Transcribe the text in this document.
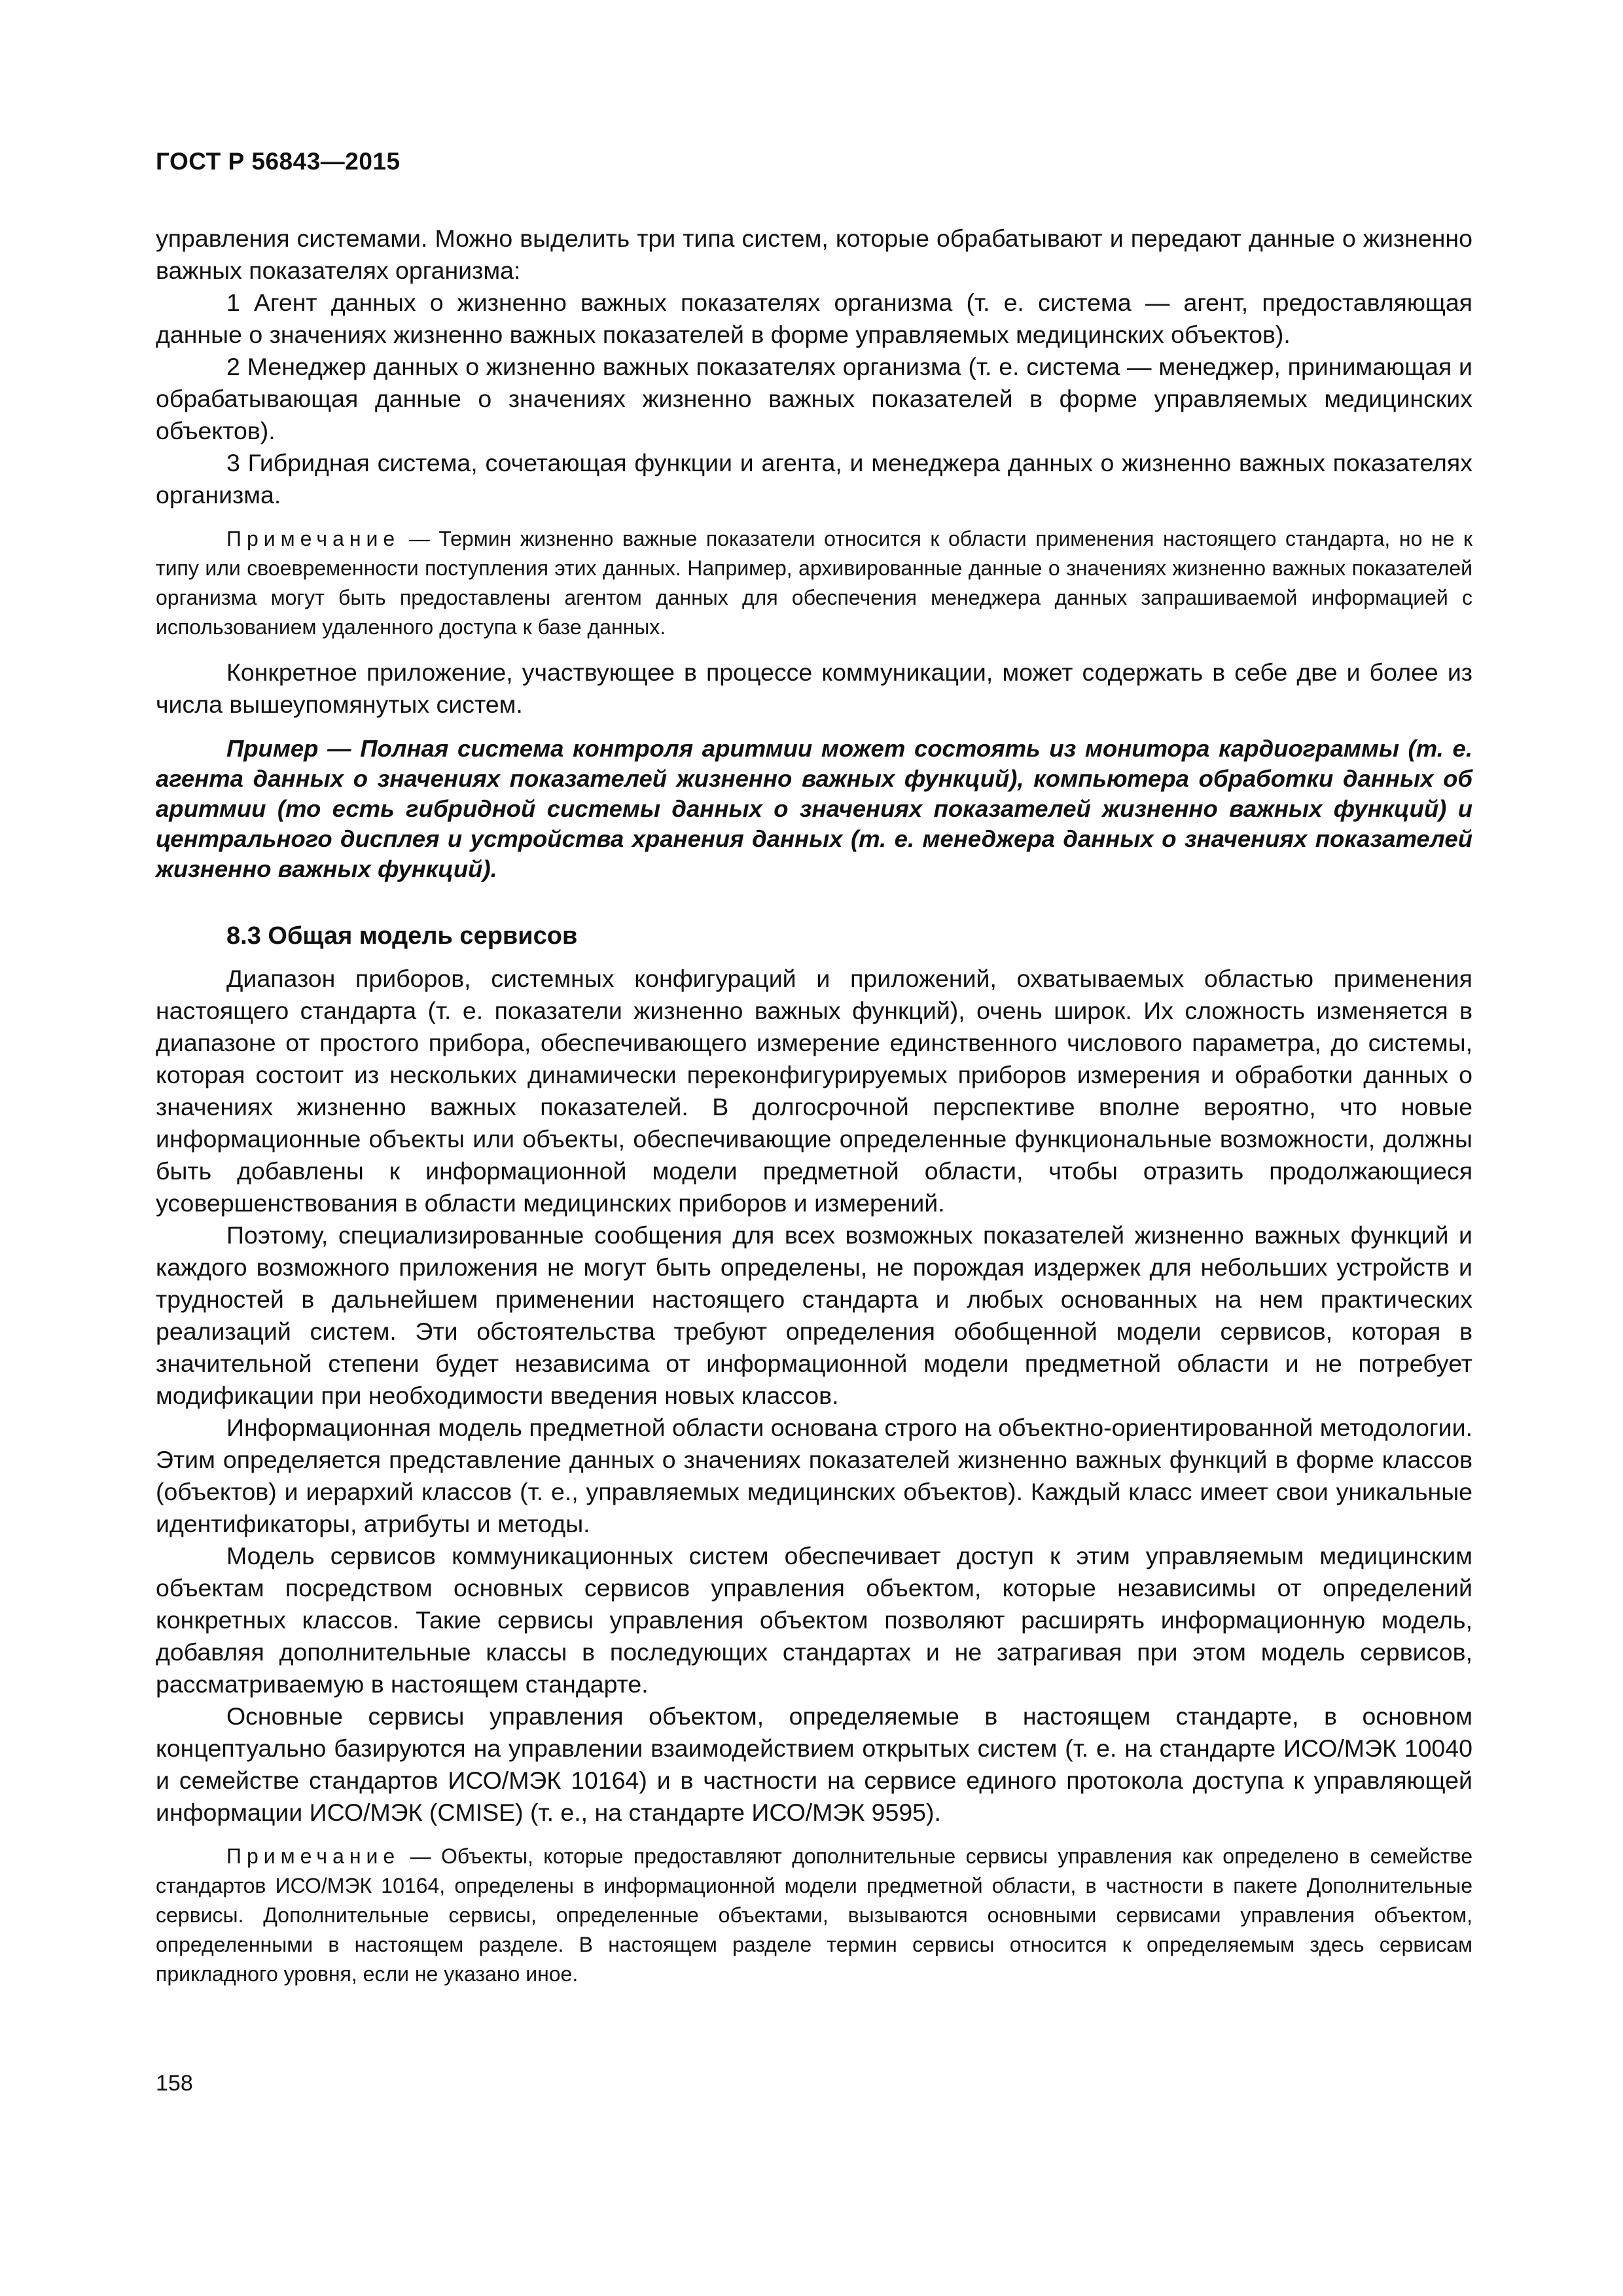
ГОСТ Р 56843—2015

управления системами. Можно выделить три типа систем, которые обрабатывают и передают данные о жизненно важных показателях организма:

1 Агент данных о жизненно важных показателях организма (т. е. система — агент, предоставляющая данные о значениях жизненно важных показателей в форме управляемых медицинских объектов).

2 Менеджер данных о жизненно важных показателях организма (т. е. система — менеджер, принимающая и обрабатывающая данные о значениях жизненно важных показателей в форме управляемых медицинских объектов).

3 Гибридная система, сочетающая функции и агента, и менеджера данных о жизненно важных показателях организма.

Примечание — Термин жизненно важные показатели относится к области применения настоящего стандарта, но не к типу или своевременности поступления этих данных. Например, архивированные данные о значениях жизненно важных показателей организма могут быть предоставлены агентом данных для обеспечения менеджера данных запрашиваемой информацией с использованием удаленного доступа к базе данных.

Конкретное приложение, участвующее в процессе коммуникации, может содержать в себе две и более из числа вышеупомянутых систем.

Пример — Полная система контроля аритмии может состоять из монитора кардиограммы (т. е. агента данных о значениях показателей жизненно важных функций), компьютера обработки данных об аритмии (то есть гибридной системы данных о значениях показателей жизненно важных функций) и центрального дисплея и устройства хранения данных (т. е. менеджера данных о значениях показателей жизненно важных функций).
8.3 Общая модель сервисов

Диапазон приборов, системных конфигураций и приложений, охватываемых областью применения настоящего стандарта (т. е. показатели жизненно важных функций), очень широк. Их сложность изменяется в диапазоне от простого прибора, обеспечивающего измерение единственного числового параметра, до системы, которая состоит из нескольких динамически переконфигурируемых приборов измерения и обработки данных о значениях жизненно важных показателей. В долгосрочной перспективе вполне вероятно, что новые информационные объекты или объекты, обеспечивающие определенные функциональные возможности, должны быть добавлены к информационной модели предметной области, чтобы отразить продолжающиеся усовершенствования в области медицинских приборов и измерений.

Поэтому, специализированные сообщения для всех возможных показателей жизненно важных функций и каждого возможного приложения не могут быть определены, не порождая издержек для небольших устройств и трудностей в дальнейшем применении настоящего стандарта и любых основанных на нем практических реализаций систем. Эти обстоятельства требуют определения обобщенной модели сервисов, которая в значительной степени будет независима от информационной модели предметной области и не потребует модификации при необходимости введения новых классов.

Информационная модель предметной области основана строго на объектно-ориентированной методологии. Этим определяется представление данных о значениях показателей жизненно важных функций в форме классов (объектов) и иерархий классов (т. е., управляемых медицинских объектов). Каждый класс имеет свои уникальные идентификаторы, атрибуты и методы.

Модель сервисов коммуникационных систем обеспечивает доступ к этим управляемым медицинским объектам посредством основных сервисов управления объектом, которые независимы от определений конкретных классов. Такие сервисы управления объектом позволяют расширять информационную модель, добавляя дополнительные классы в последующих стандартах и не затрагивая при этом модель сервисов, рассматриваемую в настоящем стандарте.

Основные сервисы управления объектом, определяемые в настоящем стандарте, в основном концептуально базируются на управлении взаимодействием открытых систем (т. е. на стандарте ИСО/МЭК 10040 и семействе стандартов ИСО/МЭК 10164) и в частности на сервисе единого протокола доступа к управляющей информации ИСО/МЭК (CMISE) (т. е., на стандарте ИСО/МЭК 9595).

Примечание — Объекты, которые предоставляют дополнительные сервисы управления как определено в семействе стандартов ИСО/МЭК 10164, определены в информационной модели предметной области, в частности в пакете Дополнительные сервисы. Дополнительные сервисы, определенные объектами, вызываются основными сервисами управления объектом, определенными в настоящем разделе. В настоящем разделе термин сервисы относится к определяемым здесь сервисам прикладного уровня, если не указано иное.
158
